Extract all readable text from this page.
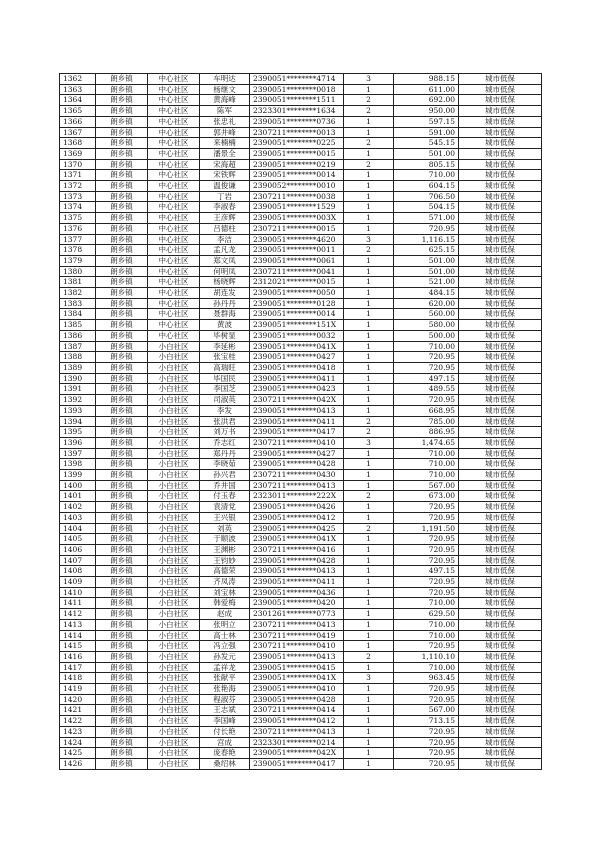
1362	朗乡镇	中心社区	车明达	2390051********4714	3	988.15	城市低保
1363	朗乡镇	中心社区	杨继文	2390051********0018	1	611.00	城市低保
1364	朗乡镇	中心社区	黄海峰	2390051********1511	2	692.00	城市低保
1365	朗乡镇	中心社区	陈军	2323301********1634	2	950.00	城市低保
1366	朗乡镇	中心社区	张忠礼	2390051********0736	1	597.15	城市低保
1367	朗乡镇	中心社区	郭井峰	2307211********0013	1	591.00	城市低保
1368	朗乡镇	中心社区	来楠楠	2390051********0225	2	545.15	城市低保
1369	朗乡镇	中心社区	潘景全	2390051********0015	1	501.00	城市低保
1370	朗乡镇	中心社区	宋海超	2390051********0219	2	805.15	城市低保
1371	朗乡镇	中心社区	宋铁辉	2390051********0014	1	710.00	城市低保
1372	朗乡镇	中心社区	温俊谦	2390052********0010	1	604.15	城市低保
1373	朗乡镇	中心社区	丁岩	2307211********0038	1	706.50	城市低保
1374	朗乡镇	中心社区	李淑春	2390051********1529	1	504.15	城市低保
1375	朗乡镇	中心社区	王彦辉	2390051********003X	1	571.00	城市低保
1376	朗乡镇	中心社区	吕德柱	2307211********0015	1	720.95	城市低保
1377	朗乡镇	中心社区	李洁	2390051********4620	3	1,116.15	城市低保
1378	朗乡镇	中心社区	孟凡龙	2390051********0011	2	625.15	城市低保
1379	朗乡镇	中心社区	郑文凤	2390051********0061	1	501.00	城市低保
1380	朗乡镇	中心社区	何明凤	2307211********0041	1	501.00	城市低保
1381	朗乡镇	中心社区	杨晓辉	2312021********0015	1	521.00	城市低保
1382	朗乡镇	中心社区	胡连发	2390051********0050	1	484.15	城市低保
1383	朗乡镇	中心社区	孙丹丹	2390051********0128	1	620.00	城市低保
1384	朗乡镇	中心社区	聂群海	2390051********0014	1	560.00	城市低保
1385	朗乡镇	中心社区	黄波	2390051********151X	1	580.00	城市低保
1386	朗乡镇	中心社区	毕树显	2390051********0032	1	500.00	城市低保
1387	朗乡镇	小白社区	李延彬	2390051********041X	1	710.00	城市低保
1388	朗乡镇	小白社区	张宝桂	2390051********0427	1	720.95	城市低保
1389	朗乡镇	小白社区	高瑞旺	2390051********0418	1	720.95	城市低保
1390	朗乡镇	小白社区	毕国民	2390051********0411	1	497.15	城市低保
1391	朗乡镇	小白社区	李国芝	2390051********0423	1	489.55	城市低保
1392	朗乡镇	小白社区	司淑英	2307211********042X	1	720.95	城市低保
1393	朗乡镇	小白社区	李发	2390051********0413	1	668.95	城市低保
1394	朗乡镇	小白社区	张洪君	2390051********0411	2	785.00	城市低保
1395	朗乡镇	小白社区	刘万书	2390051********0417	2	886.95	城市低保
1396	朗乡镇	小白社区	乔志红	2307211********0410	3	1,474.65	城市低保
1397	朗乡镇	小白社区	郑丹丹	2390051********0427	1	710.00	城市低保
1398	朗乡镇	小白社区	李晓茹	2390051********0428	1	710.00	城市低保
1399	朗乡镇	小白社区	孙兴君	2307211********0430	1	710.00	城市低保
1400	朗乡镇	小白社区	乔井国	2307211********0413	1	567.00	城市低保
1401	朗乡镇	小白社区	付玉春	2323011********222X	2	673.00	城市低保
1402	朗乡镇	小白社区	袁清党	2390051********0426	1	720.95	城市低保
1403	朗乡镇	小白社区	王兴银	2390051********0412	1	720.95	城市低保
1404	朗乡镇	小白社区	刘英	2390051********0425	2	1,191.50	城市低保
1405	朗乡镇	小白社区	于顺波	2390051********041X	1	720.95	城市低保
1406	朗乡镇	小白社区	王渊彬	2307211********0416	1	720.95	城市低保
1407	朗乡镇	小白社区	王钧妙	2390051********0428	1	720.95	城市低保
1408	朗乡镇	小白社区	高德荣	2390051********0413	1	497.15	城市低保
1409	朗乡镇	小白社区	齐凤涛	2390051********0411	1	720.95	城市低保
1410	朗乡镇	小白社区	刘宝林	2390051********0436	1	720.95	城市低保
1411	朗乡镇	小白社区	韩爱梅	2390051********0420	1	710.00	城市低保
1412	朗乡镇	小白社区	赵成	2301261********0773	1	629.50	城市低保
1413	朗乡镇	小白社区	张明立	2307211********0413	1	710.00	城市低保
1414	朗乡镇	小白社区	高士林	2307211********0419	1	710.00	城市低保
1415	朗乡镇	小白社区	冯立强	2307211********0410	1	720.95	城市低保
1416	朗乡镇	小白社区	孙发元	2390051********0413	2	1,110.10	城市低保
1417	朗乡镇	小白社区	孟祥龙	2390051********0415	1	710.00	城市低保
1418	朗乡镇	小白社区	张献平	2390051********041X	3	963.45	城市低保
1419	朗乡镇	小白社区	张艳海	2390051********0410	1	720.95	城市低保
1420	朗乡镇	小白社区	程淑芬	2390051********0428	1	720.95	城市低保
1421	朗乡镇	小白社区	王志斌	2307211********0414	1	567.00	城市低保
1422	朗乡镇	小白社区	李国峰	2390051********0412	1	713.15	城市低保
1423	朗乡镇	小白社区	付长艳	2307211********0413	1	720.95	城市低保
1424	朗乡镇	小白社区	宫成	2323301********0214	1	720.95	城市低保
1425	朗乡镇	小白社区	庞春艳	2390051********042X	1	720.95	城市低保
1426	朗乡镇	小白社区	桑绍林	2390051********0417	1	720.95	城市低保
